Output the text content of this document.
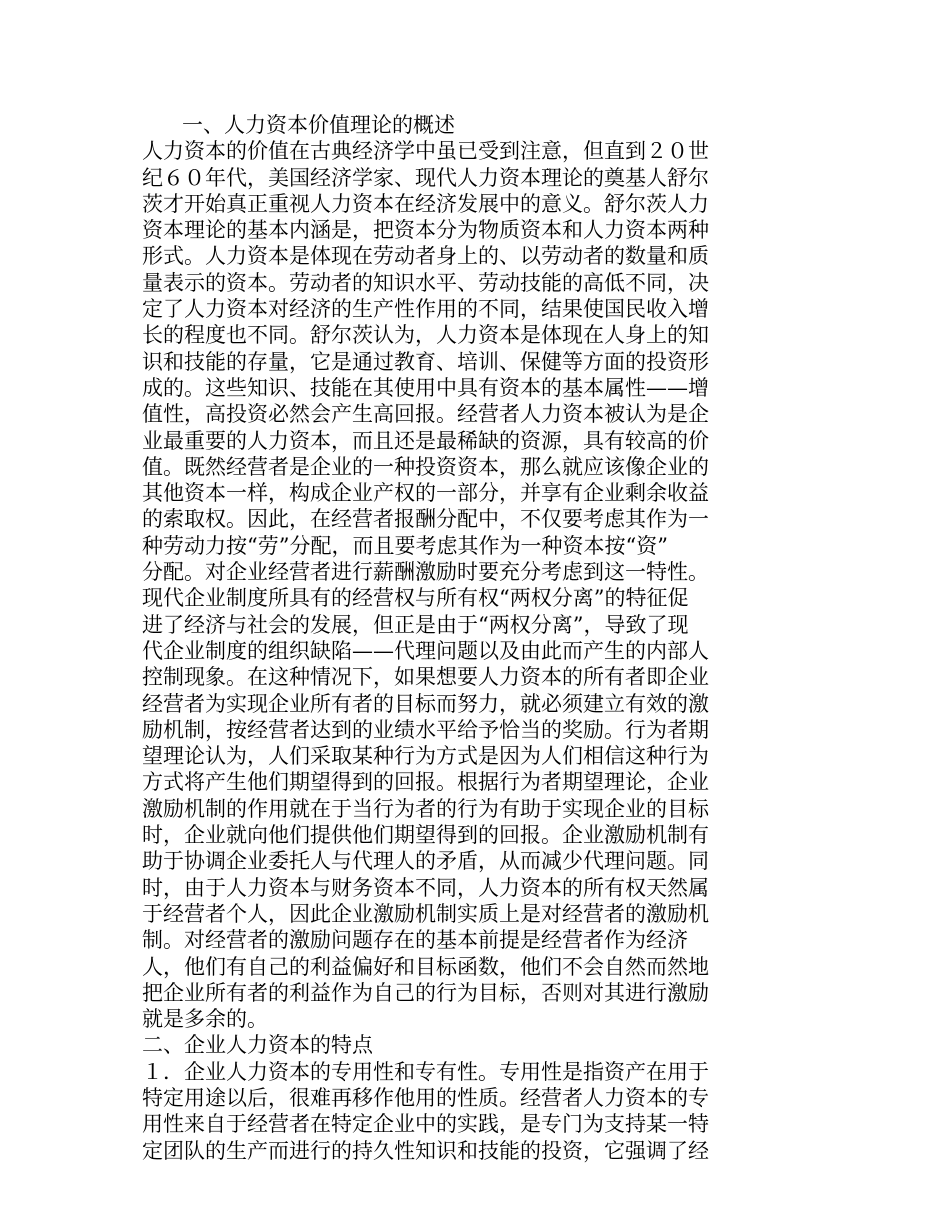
一、人力资本价值理论的概述
人力资本的价值在古典经济学中虽已受到注意，但直到２０世
纪６０年代，美国经济学家、现代人力资本理论的奠基人舒尔
茨才开始真正重视人力资本在经济发展中的意义。舒尔茨人力
资本理论的基本内涵是，把资本分为物质资本和人力资本两种
形式。人力资本是体现在劳动者身上的、以劳动者的数量和质
量表示的资本。劳动者的知识水平、劳动技能的高低不同，决
定了人力资本对经济的生产性作用的不同，结果使国民收入增
长的程度也不同。舒尔茨认为，人力资本是体现在人身上的知
识和技能的存量，它是通过教育、培训、保健等方面的投资形
成的。这些知识、技能在其使用中具有资本的基本属性——增
值性，高投资必然会产生高回报。经营者人力资本被认为是企
业最重要的人力资本，而且还是最稀缺的资源，具有较高的价
值。既然经营者是企业的一种投资资本，那么就应该像企业的
其他资本一样，构成企业产权的一部分，并享有企业剩余收益
的索取权。因此，在经营者报酬分配中，不仅要考虑其作为一
种劳动力按“劳”分配，而且要考虑其作为一种资本按“资”
分配。对企业经营者进行薪酬激励时要充分考虑到这一特性。
现代企业制度所具有的经营权与所有权“两权分离”的特征促
进了经济与社会的发展，但正是由于“两权分离”，导致了现
代企业制度的组织缺陷——代理问题以及由此而产生的内部人
控制现象。在这种情况下，如果想要人力资本的所有者即企业
经营者为实现企业所有者的目标而努力，就必须建立有效的激
励机制，按经营者达到的业绩水平给予恰当的奖励。行为者期
望理论认为，人们采取某种行为方式是因为人们相信这种行为
方式将产生他们期望得到的回报。根据行为者期望理论，企业
激励机制的作用就在于当行为者的行为有助于实现企业的目标
时，企业就向他们提供他们期望得到的回报。企业激励机制有
助于协调企业委托人与代理人的矛盾，从而减少代理问题。同
时，由于人力资本与财务资本不同，人力资本的所有权天然属
于经营者个人，因此企业激励机制实质上是对经营者的激励机
制。对经营者的激励问题存在的基本前提是经营者作为经济
人，他们有自己的利益偏好和目标函数，他们不会自然而然地
把企业所有者的利益作为自己的行为目标，否则对其进行激励
就是多余的。
二、企业人力资本的特点
１．企业人力资本的专用性和专有性。专用性是指资产在用于
特定用途以后，很难再移作他用的性质。经营者人力资本的专
用性来自于经营者在特定企业中的实践，是专门为支持某一特
定团队的生产而进行的持久性知识和技能的投资，它强调了经
